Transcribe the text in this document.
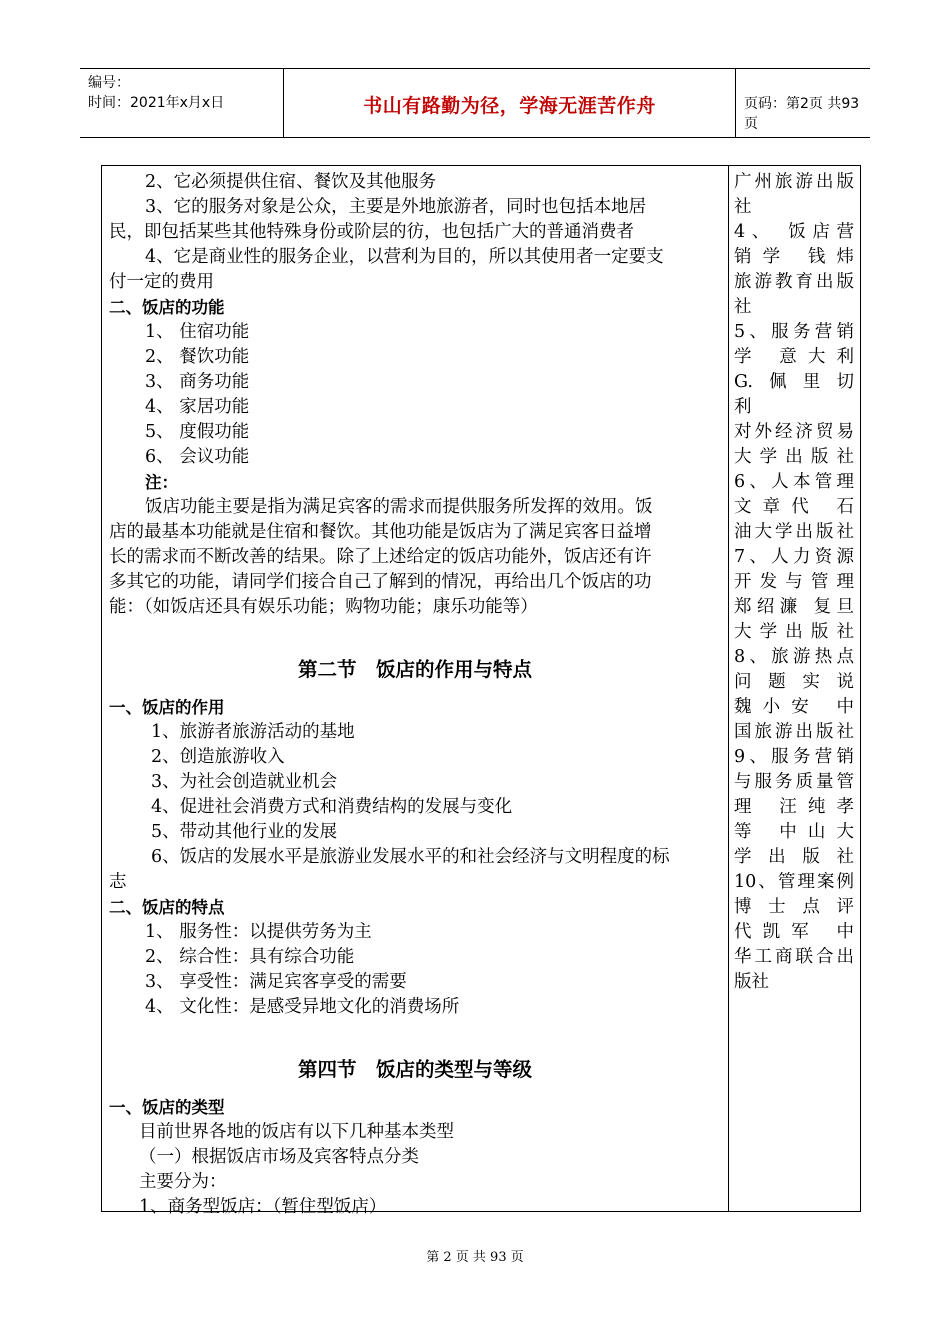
编号：
时间：2021年x月x日	书山有路勤为径，学海无涯苦作舟	页码：第2页 共93页
2、它必须提供住宿、餐饮及其他服务
3、它的服务对象是公众，主要是外地旅游者，同时也包括本地居
民，即包括某些其他特殊身份或阶层的彷，也包括广大的普通消费者
4、它是商业性的服务企业，以营利为目的，所以其使用者一定要支
付一定的费用
二、饭店的功能
1、 住宿功能
2、 餐饮功能
3、 商务功能
4、 家居功能
5、 度假功能
6、 会议功能
注：
饭店功能主要是指为满足宾客的需求而提供服务所发挥的效用。饭
店的最基本功能就是住宿和餐饮。其他功能是饭店为了满足宾客日益增
长的需求而不断改善的结果。除了上述给定的饭店功能外，饭店还有许
多其它的功能，请同学们接合自己了解到的情况，再给出几个饭店的功
能：（如饭店还具有娱乐功能；购物功能；康乐功能等）
第二节　饭店的作用与特点
一、饭店的作用
1、旅游者旅游活动的基地
2、创造旅游收入
3、为社会创造就业机会
4、促进社会消费方式和消费结构的发展与变化
5、带动其他行业的发展
6、饭店的发展水平是旅游业发展水平的和社会经济与文明程度的标
志
二、饭店的特点
1、 服务性：以提供劳务为主
2、 综合性：具有综合功能
3、 享受性：满足宾客享受的需要
4、 文化性：是感受异地文化的消费场所
第四节　饭店的类型与等级
一、饭店的类型
目前世界各地的饭店有以下几种基本类型
（一）根据饭店市场及宾客特点分类
主要分为：
1、商务型饭店：（暂住型饭店）
广州旅游出版
社
4、 饭店营
销学 钱炜
旅游教育出版
社
5、服务营销
学 意大利
G.佩里切
利
对外经济贸易
大学出版社
6、人本管理
文章代 石
油大学出版社
7、人力资源
开发与管理
郑绍濂 复旦
大学出版社
8、旅游热点
问题实说
魏小安 中
国旅游出版社
9、服务营销
与服务质量管
理 汪纯孝
等 中山大
学出版社
10、管理案例
博士点评
代凯军 中
华工商联合出
版社
第 2 页 共 93 页
